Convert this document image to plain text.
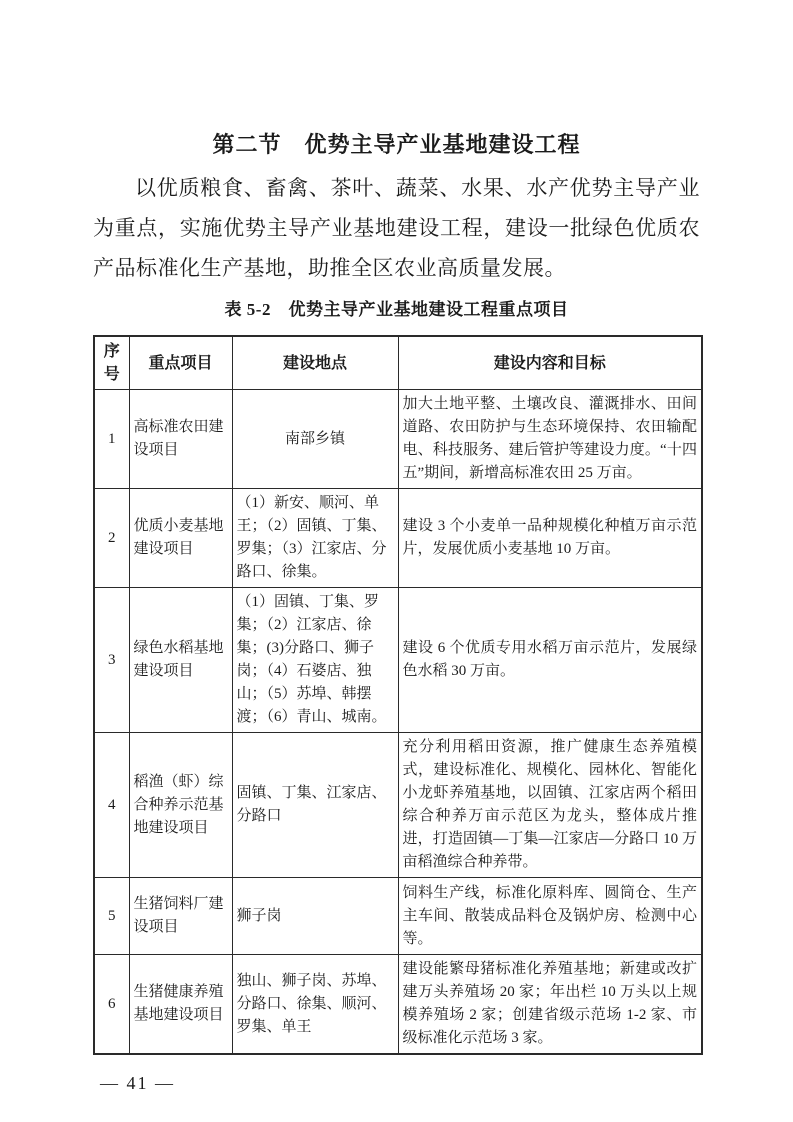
第二节　优势主导产业基地建设工程

以优质粮食、畜禽、茶叶、蔬菜、水果、水产优势主导产业为重点，实施优势主导产业基地建设工程，建设一批绿色优质农产品标准化生产基地，助推全区农业高质量发展。

表 5-2　优势主导产业基地建设工程重点项目
序号	重点项目	建设地点	建设内容和目标
1	高标准农田建设项目	南部乡镇	加大土地平整、土壤改良、灌溉排水、田间道路、农田防护与生态环境保持、农田输配电、科技服务、建后管护等建设力度。“十四五”期间，新增高标准农田 25 万亩。
2	优质小麦基地建设项目	（1）新安、顺河、单王；（2）固镇、丁集、罗集；（3）江家店、分路口、徐集。	建设 3 个小麦单一品种规模化种植万亩示范片，发展优质小麦基地 10 万亩。
3	绿色水稻基地建设项目	（1）固镇、丁集、罗集；（2）江家店、徐集；(3)分路口、狮子岗；（4）石婆店、独山；（5）苏埠、韩摆渡；（6）青山、城南。	建设 6 个优质专用水稻万亩示范片，发展绿色水稻 30 万亩。
4	稻渔（虾）综合种养示范基地建设项目	固镇、丁集、江家店、分路口	充分利用稻田资源，推广健康生态养殖模式，建设标准化、规模化、园林化、智能化小龙虾养殖基地，以固镇、江家店两个稻田综合种养万亩示范区为龙头，整体成片推进，打造固镇—丁集—江家店—分路口 10 万亩稻渔综合种养带。
5	生猪饲料厂建设项目	狮子岗	饲料生产线，标准化原料库、圆筒仓、生产主车间、散装成品料仓及锅炉房、检测中心等。
6	生猪健康养殖基地建设项目	独山、狮子岗、苏埠、分路口、徐集、顺河、罗集、单王	建设能繁母猪标准化养殖基地；新建或改扩建万头养殖场 20 家；年出栏 10 万头以上规模养殖场 2 家；创建省级示范场 1-2 家、市级标准化示范场 3 家。
— 41 —
